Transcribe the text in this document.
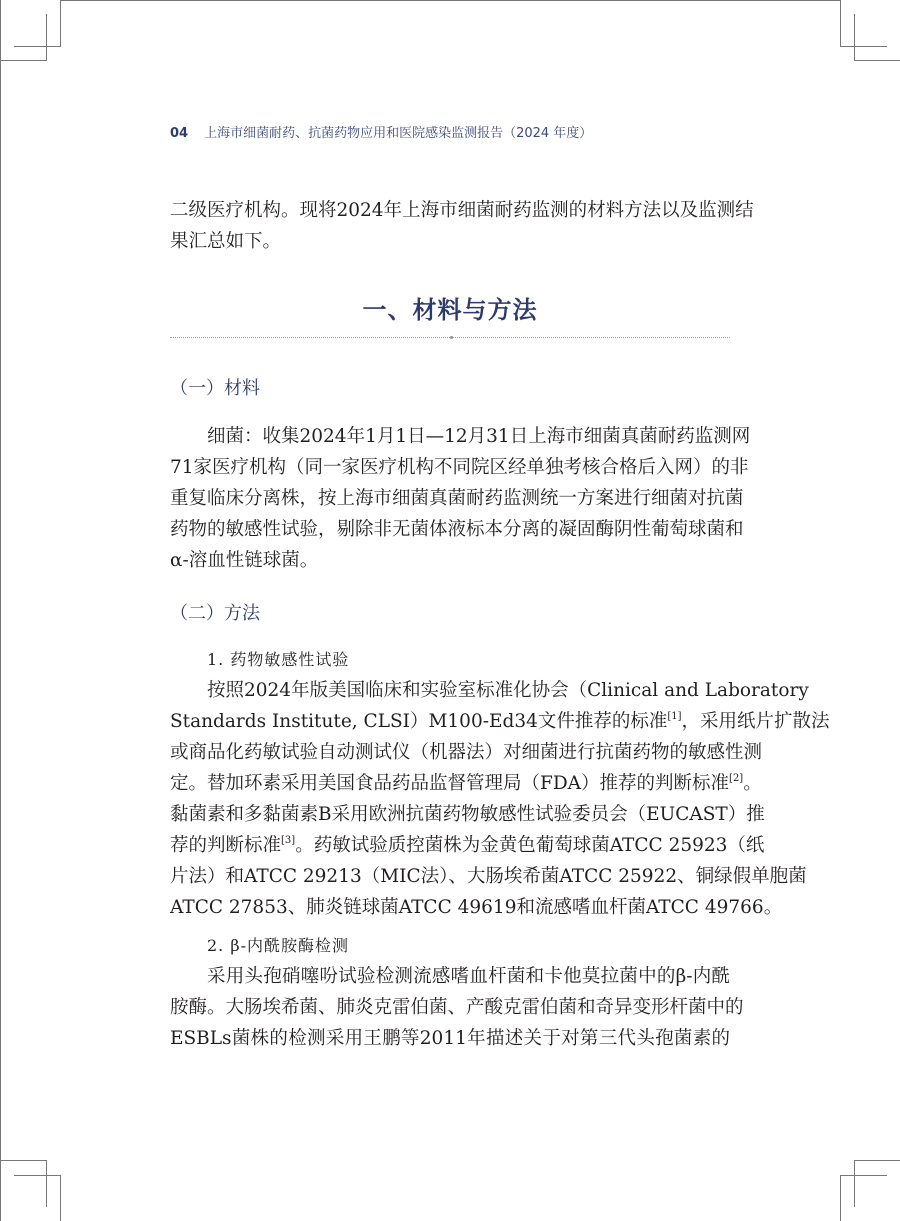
04 上海市细菌耐药、抗菌药物应用和医院感染监测报告（2024 年度）
二级医疗机构。现将2024年上海市细菌耐药监测的材料方法以及监测结
果汇总如下。
一、材料与方法
（一）材料
细菌：收集2024年1月1日—12月31日上海市细菌真菌耐药监测网
71家医疗机构（同一家医疗机构不同院区经单独考核合格后入网）的非
重复临床分离株，按上海市细菌真菌耐药监测统一方案进行细菌对抗菌
药物的敏感性试验，剔除非无菌体液标本分离的凝固酶阴性葡萄球菌和
α-溶血性链球菌。
（二）方法
1. 药物敏感性试验
按照2024年版美国临床和实验室标准化协会（Clinical and Laboratory
Standards Institute, CLSI）M100-Ed34文件推荐的标准[1]，采用纸片扩散法
或商品化药敏试验自动测试仪（机器法）对细菌进行抗菌药物的敏感性测
定。替加环素采用美国食品药品监督管理局（FDA）推荐的判断标准[2]。
黏菌素和多黏菌素B采用欧洲抗菌药物敏感性试验委员会（EUCAST）推
荐的判断标准[3]。药敏试验质控菌株为金黄色葡萄球菌ATCC 25923（纸
片法）和ATCC 29213（MIC法）、大肠埃希菌ATCC 25922、铜绿假单胞菌
ATCC 27853、肺炎链球菌ATCC 49619和流感嗜血杆菌ATCC 49766。
2. β-内酰胺酶检测
采用头孢硝噻吩试验检测流感嗜血杆菌和卡他莫拉菌中的β-内酰
胺酶。大肠埃希菌、肺炎克雷伯菌、产酸克雷伯菌和奇异变形杆菌中的
ESBLs菌株的检测采用王鹏等2011年描述关于对第三代头孢菌素的
